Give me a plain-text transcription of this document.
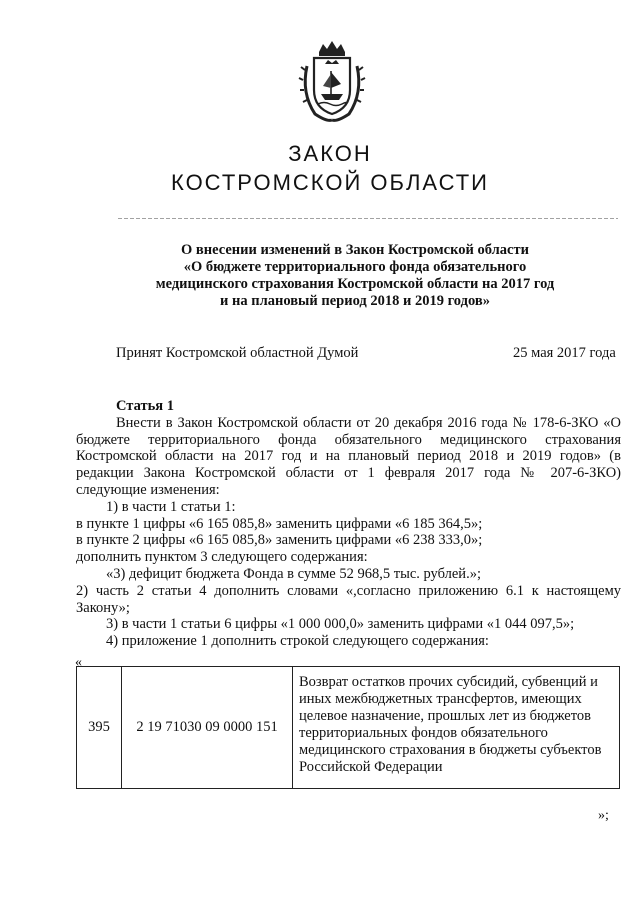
ЗАКОН
КОСТРОМСКОЙ ОБЛАСТИ
О внесении изменений в Закон Костромской области
«О бюджете территориального фонда обязательного
медицинского страхования Костромской области на 2017 год
и на плановый период 2018 и 2019 годов»
Принят Костромской областной Думой	25 мая 2017 года

Статья 1

Внести в Закон Костромской области от 20 декабря 2016 года № 178-6-ЗКО «О бюджете территориального фонда обязательного медицинского страхования Костромской области на 2017 год и на плановый период 2018 и 2019 годов» (в редакции Закона Костромской области от 1 февраля 2017 года № 207-6-ЗКО) следующие изменения:

1) в части 1 статьи 1:

в пункте 1 цифры «6 165 085,8» заменить цифрами «6 185 364,5»;

в пункте 2 цифры «6 165 085,8» заменить цифрами «6 238 333,0»;

дополнить пунктом 3 следующего содержания:

«3) дефицит бюджета Фонда в сумме 52 968,5 тыс. рублей.»;

2) часть 2 статьи 4 дополнить словами «,согласно приложению 6.1 к настоящему Закону»;

3) в части 1 статьи 6 цифры «1 000 000,0» заменить цифрами «1 044 097,5»;

4) приложение 1 дополнить строкой следующего содержания:

«
395	2 19 71030 09 0000 151	Возврат остатков прочих субсидий, субвенций и иных межбюджетных трансфертов, имеющих целевое назначение, прошлых лет из бюджетов территориальных фондов обязательного медицинского страхования в бюджеты субъектов Российской Федерации
»;
